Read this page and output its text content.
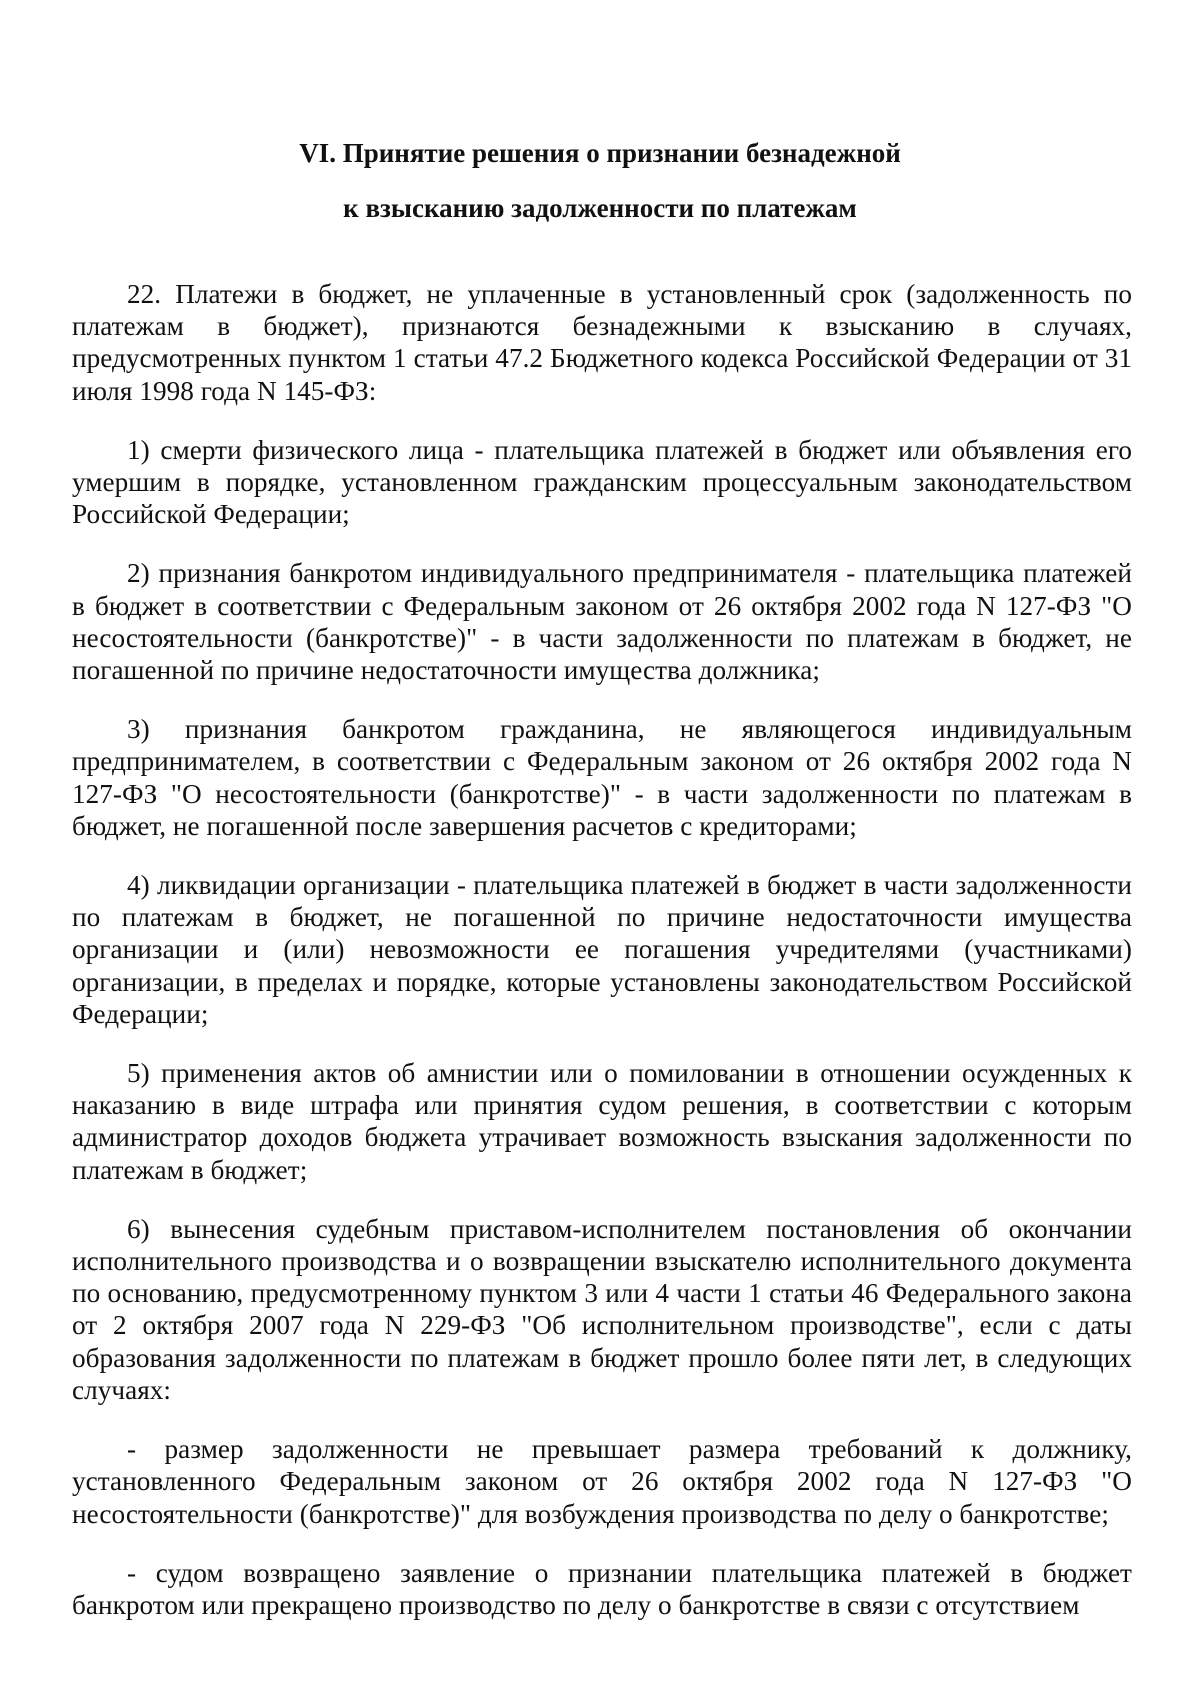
VI. Принятие решения о признании безнадежной
к взысканию задолженности по платежам

22. Платежи в бюджет, не уплаченные в установленный срок (задолженность по платежам в бюджет), признаются безнадежными к взысканию в случаях, предусмотренных пунктом 1 статьи 47.2 Бюджетного кодекса Российской Федерации от 31 июля 1998 года N 145-ФЗ:

1) смерти физического лица - плательщика платежей в бюджет или объявления его умершим в порядке, установленном гражданским процессуальным законодательством Российской Федерации;

2) признания банкротом индивидуального предпринимателя - плательщика платежей в бюджет в соответствии с Федеральным законом от 26 октября 2002 года N 127-ФЗ "О несостоятельности (банкротстве)" - в части задолженности по платежам в бюджет, не погашенной по причине недостаточности имущества должника;

3) признания банкротом гражданина, не являющегося индивидуальным предпринимателем, в соответствии с Федеральным законом от 26 октября 2002 года N 127-ФЗ "О несостоятельности (банкротстве)" - в части задолженности по платежам в бюджет, не погашенной после завершения расчетов с кредиторами;

4) ликвидации организации - плательщика платежей в бюджет в части задолженности по платежам в бюджет, не погашенной по причине недостаточности имущества организации и (или) невозможности ее погашения учредителями (участниками) организации, в пределах и порядке, которые установлены законодательством Российской Федерации;

5) применения актов об амнистии или о помиловании в отношении осужденных к наказанию в виде штрафа или принятия судом решения, в соответствии с которым администратор доходов бюджета утрачивает возможность взыскания задолженности по платежам в бюджет;

6) вынесения судебным приставом-исполнителем постановления об окончании исполнительного производства и о возвращении взыскателю исполнительного документа по основанию, предусмотренному пунктом 3 или 4 части 1 статьи 46 Федерального закона от 2 октября 2007 года N 229-ФЗ "Об исполнительном производстве", если с даты образования задолженности по платежам в бюджет прошло более пяти лет, в следующих случаях:

- размер задолженности не превышает размера требований к должнику, установленного Федеральным законом от 26 октября 2002 года N 127-ФЗ "О несостоятельности (банкротстве)" для возбуждения производства по делу о банкротстве;

- судом возвращено заявление о признании плательщика платежей в бюджет банкротом или прекращено производство по делу о банкротстве в связи с отсутствием
